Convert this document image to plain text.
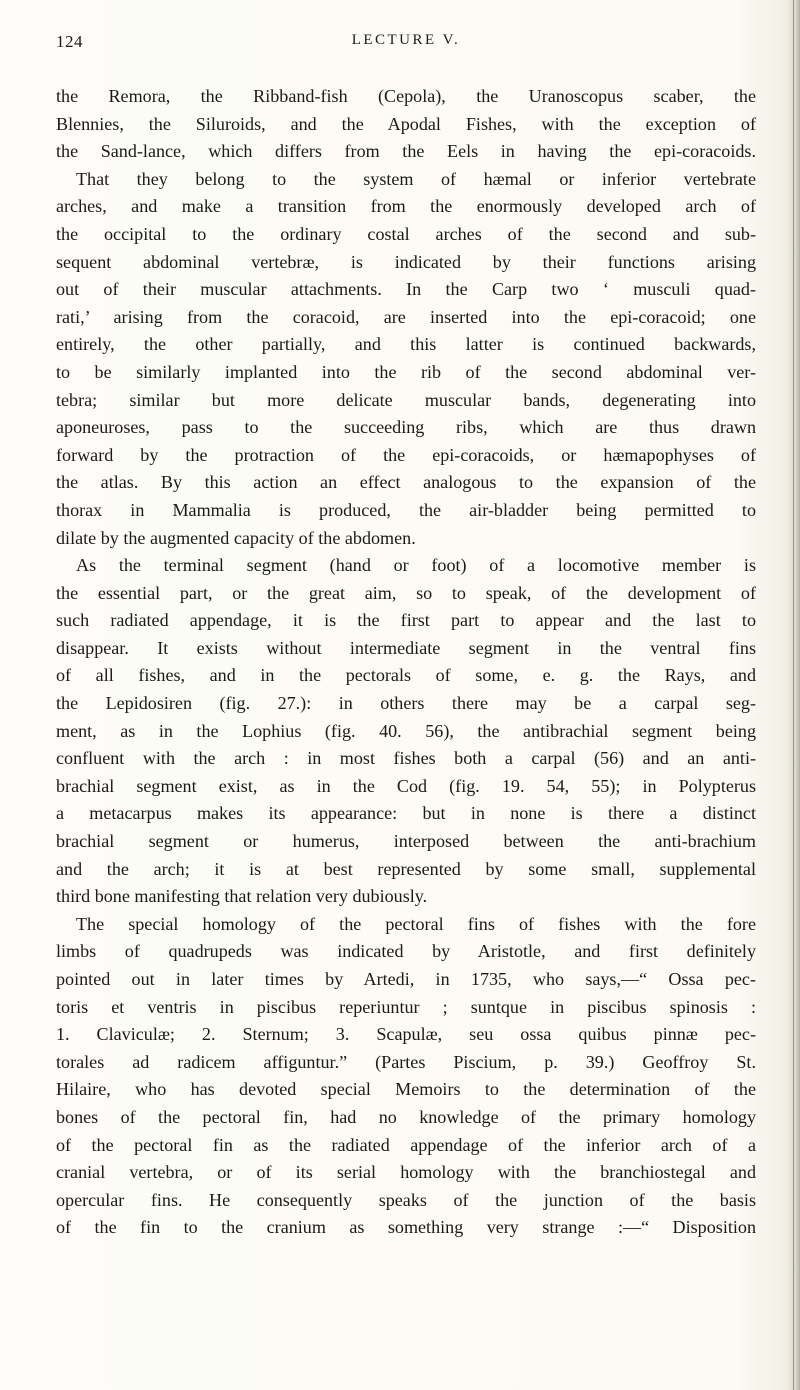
124	LECTURE V.
the Remora, the Ribband-fish (Cepola), the Uranoscopus scaber, the
Blennies, the Siluroids, and the Apodal Fishes, with the exception of
the Sand-lance, which differs from the Eels in having the epi-coracoids.
That they belong to the system of hæmal or inferior vertebrate
arches, and make a transition from the enormously developed arch of
the occipital to the ordinary costal arches of the second and sub-
sequent abdominal vertebræ, is indicated by their functions arising
out of their muscular attachments. In the Carp two ‘ musculi quad-
rati,’ arising from the coracoid, are inserted into the epi-coracoid; one
entirely, the other partially, and this latter is continued backwards,
to be similarly implanted into the rib of the second abdominal ver-
tebra; similar but more delicate muscular bands, degenerating into
aponeuroses, pass to the succeeding ribs, which are thus drawn
forward by the protraction of the epi-coracoids, or hæmapophyses of
the atlas. By this action an effect analogous to the expansion of the
thorax in Mammalia is produced, the air-bladder being permitted to
dilate by the augmented capacity of the abdomen.
As the terminal segment (hand or foot) of a locomotive member is
the essential part, or the great aim, so to speak, of the development of
such radiated appendage, it is the first part to appear and the last to
disappear. It exists without intermediate segment in the ventral fins
of all fishes, and in the pectorals of some, e. g. the Rays, and
the Lepidosiren (fig. 27.): in others there may be a carpal seg-
ment, as in the Lophius (fig. 40. 56), the antibrachial segment being
confluent with the arch : in most fishes both a carpal (56) and an anti-
brachial segment exist, as in the Cod (fig. 19. 54, 55); in Polypterus
a metacarpus makes its appearance: but in none is there a distinct
brachial segment or humerus, interposed between the anti-brachium
and the arch; it is at best represented by some small, supplemental
third bone manifesting that relation very dubiously.
The special homology of the pectoral fins of fishes with the fore
limbs of quadrupeds was indicated by Aristotle, and first definitely
pointed out in later times by Artedi, in 1735, who says,—“ Ossa pec-
toris et ventris in piscibus reperiuntur ; suntque in piscibus spinosis :
1. Claviculæ; 2. Sternum; 3. Scapulæ, seu ossa quibus pinnæ pec-
torales ad radicem affiguntur.” (Partes Piscium, p. 39.) Geoffroy St.
Hilaire, who has devoted special Memoirs to the determination of the
bones of the pectoral fin, had no knowledge of the primary homology
of the pectoral fin as the radiated appendage of the inferior arch of a
cranial vertebra, or of its serial homology with the branchiostegal and
opercular fins. He consequently speaks of the junction of the basis
of the fin to the cranium as something very strange :—“ Disposition
